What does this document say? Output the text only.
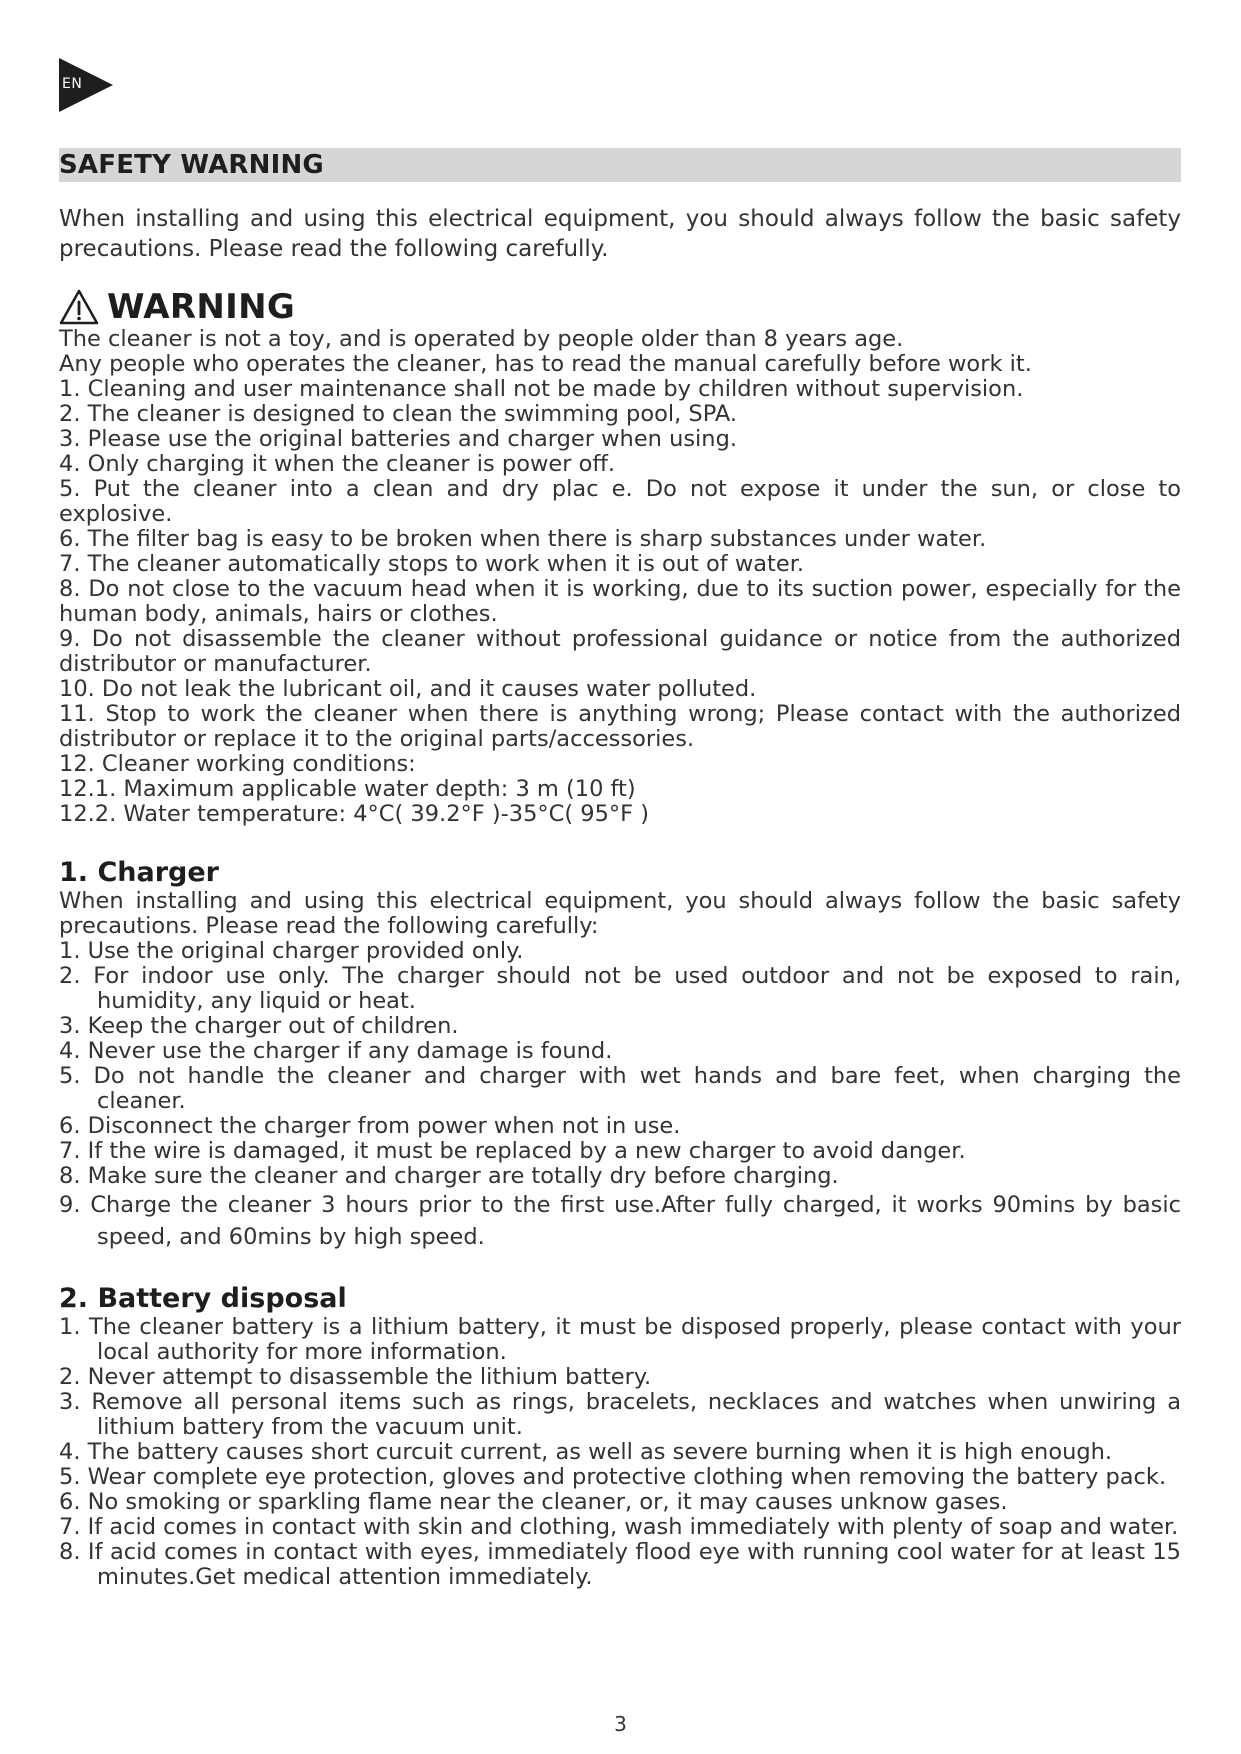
EN
SAFETY WARNING

When installing and using this electrical equipment, you should always follow the basic safety precautions. Please read the following carefully.

WARNING

The cleaner is not a toy, and is operated by people older than 8 years age.

Any people who operates the cleaner, has to read the manual carefully before work it.

1. Cleaning and user maintenance shall not be made by children without supervision.

2. The cleaner is designed to clean the swimming pool, SPA.

3. Please use the original batteries and charger when using.

4. Only charging it when the cleaner is power off.

5. Put the cleaner into a clean and dry plac e. Do not expose it under the sun, or close to explosive.

6. The filter bag is easy to be broken when there is sharp substances under water.

7. The cleaner automatically stops to work when it is out of water.

8. Do not close to the vacuum head when it is working, due to its suction power, especially for the human body, animals, hairs or clothes.

9. Do not disassemble the cleaner without professional guidance or notice from the authorized distributor or manufacturer.

10. Do not leak the lubricant oil, and it causes water polluted.

11. Stop to work the cleaner when there is anything wrong; Please contact with the authorized distributor or replace it to the original parts/accessories.

12. Cleaner working conditions:

12.1. Maximum applicable water depth: 3 m (10 ft)

12.2. Water temperature: 4°C( 39.2°F )-35°C( 95°F )

1. Charger

When installing and using this electrical equipment, you should always follow the basic safety precautions. Please read the following carefully:

1. Use the original charger provided only.

2. For indoor use only. The charger should not be used outdoor and not be exposed to rain, humidity, any liquid or heat.

3. Keep the charger out of children.

4. Never use the charger if any damage is found.

5. Do not handle the cleaner and charger with wet hands and bare feet, when charging the cleaner.

6. Disconnect the charger from power when not in use.

7. If the wire is damaged, it must be replaced by a new charger to avoid danger.

8. Make sure the cleaner and charger are totally dry before charging.

9. Charge the cleaner 3 hours prior to the first use.After fully charged, it works 90mins by basic speed, and 60mins by high speed.

2. Battery disposal

1. The cleaner battery is a lithium battery, it must be disposed properly, please contact with your local authority for more information.

2. Never attempt to disassemble the lithium battery.

3. Remove all personal items such as rings, bracelets, necklaces and watches when unwiring a lithium battery from the vacuum unit.

4. The battery causes short curcuit current, as well as severe burning when it is high enough.

5. Wear complete eye protection, gloves and protective clothing when removing the battery pack.

6. No smoking or sparkling flame near the cleaner, or, it may causes unknow gases.

7. If acid comes in contact with skin and clothing, wash immediately with plenty of soap and water.

8. If acid comes in contact with eyes, immediately flood eye with running cool water for at least 15 minutes.Get medical attention immediately.

3
